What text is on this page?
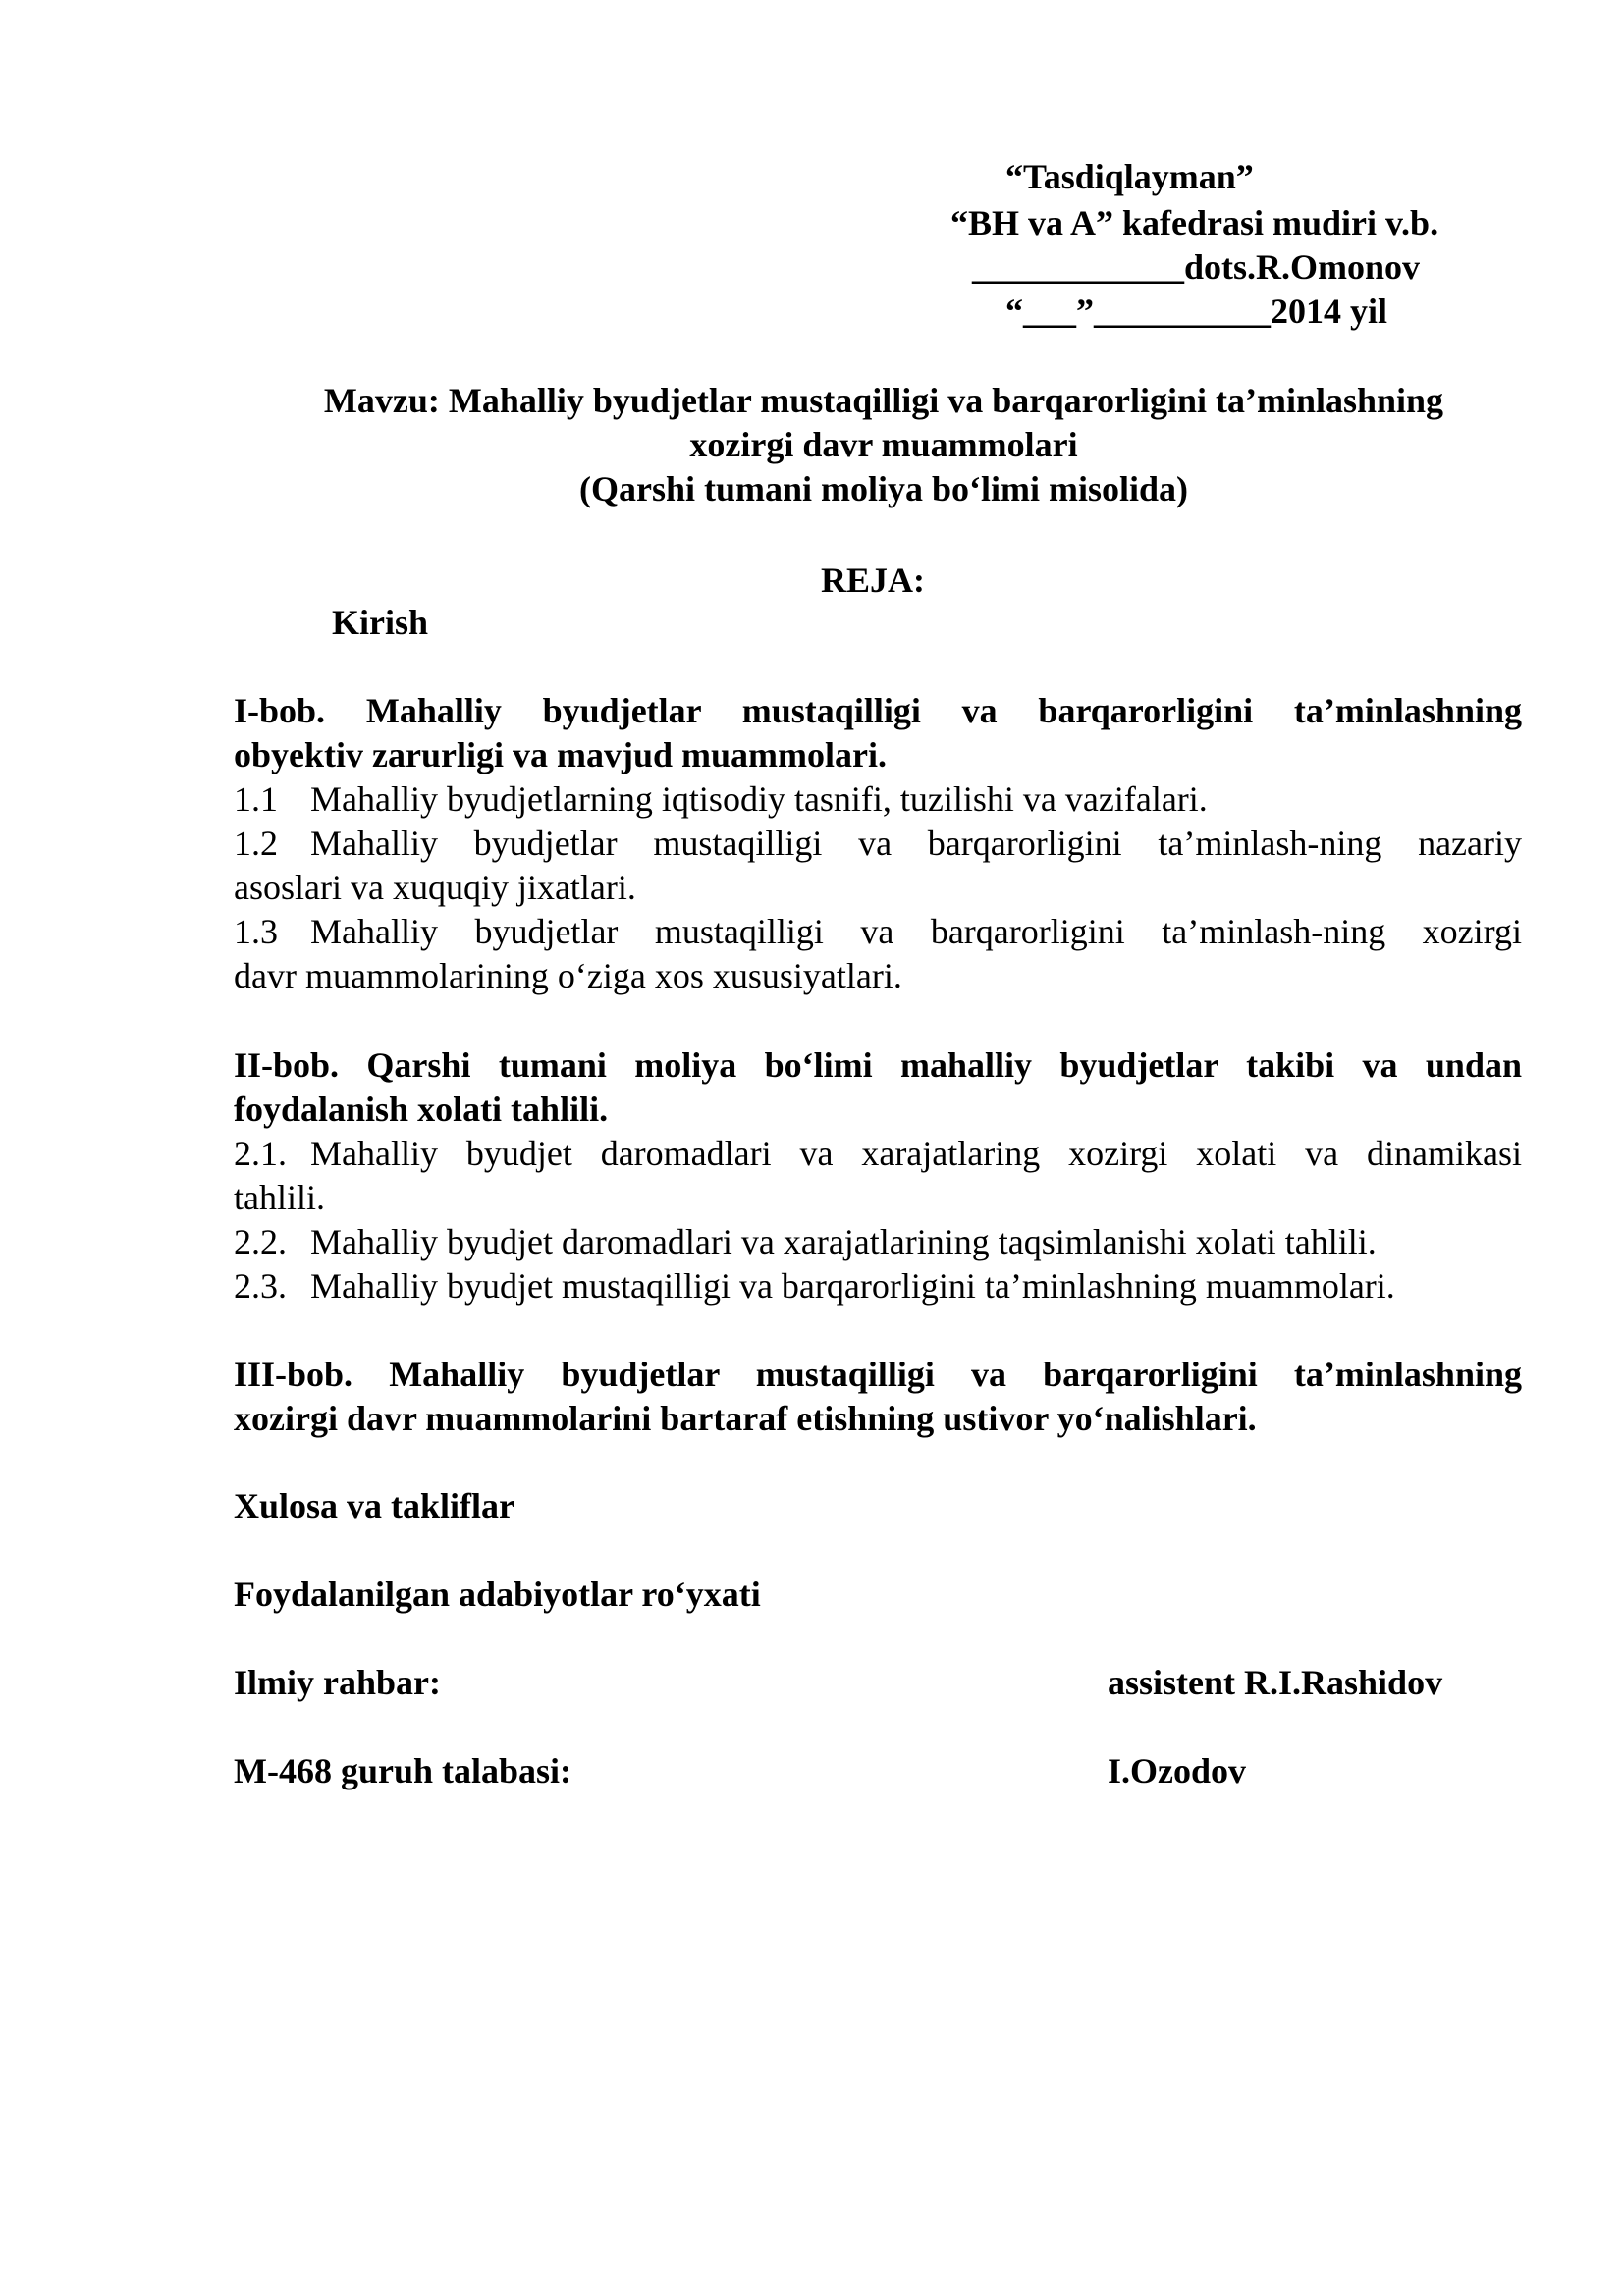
“Tasdiqlayman”
“BH va A” kafedrasi mudiri v.b.
____________dots.R.Omonov
“___”__________2014 yil
Mavzu: Mahalliy byudjetlar mustaqilligi va barqarorligini ta’minlashning
xozirgi davr muammolari
(Qarshi tumani moliya bo‘limi misolida)
REJA:
Kirish
I-bob. Mahalliy byudjetlar mustaqilligi va barqarorligini ta’minlashning
obyektiv zarurligi va mavjud muammolari.
1.1 Mahalliy byudjetlarning iqtisodiy tasnifi, tuzilishi va vazifalari.
1.2 Mahalliy byudjetlar mustaqilligi va barqarorligini ta’minlash-ning nazariy
asoslari va xuquqiy jixatlari.
1.3 Mahalliy byudjetlar mustaqilligi va barqarorligini ta’minlash-ning xozirgi
davr muammolarining o‘ziga xos xususiyatlari.
II-bob. Qarshi tumani moliya bo‘limi mahalliy byudjetlar takibi va undan
foydalanish xolati tahlili.
2.1. Mahalliy byudjet daromadlari va xarajatlaring xozirgi xolati va dinamikasi
tahlili.
2.2. Mahalliy byudjet daromadlari va xarajatlarining taqsimlanishi xolati tahlili.
2.3. Mahalliy byudjet mustaqilligi va barqarorligini ta’minlashning muammolari.
III-bob. Mahalliy byudjetlar mustaqilligi va barqarorligini ta’minlashning
xozirgi davr muammolarini bartaraf etishning ustivor yo‘nalishlari.
Xulosa va takliflar
Foydalanilgan adabiyotlar ro‘yxati
Ilmiy rahbar:	assistent R.I.Rashidov
M-468 guruh talabasi:	I.Ozodov
